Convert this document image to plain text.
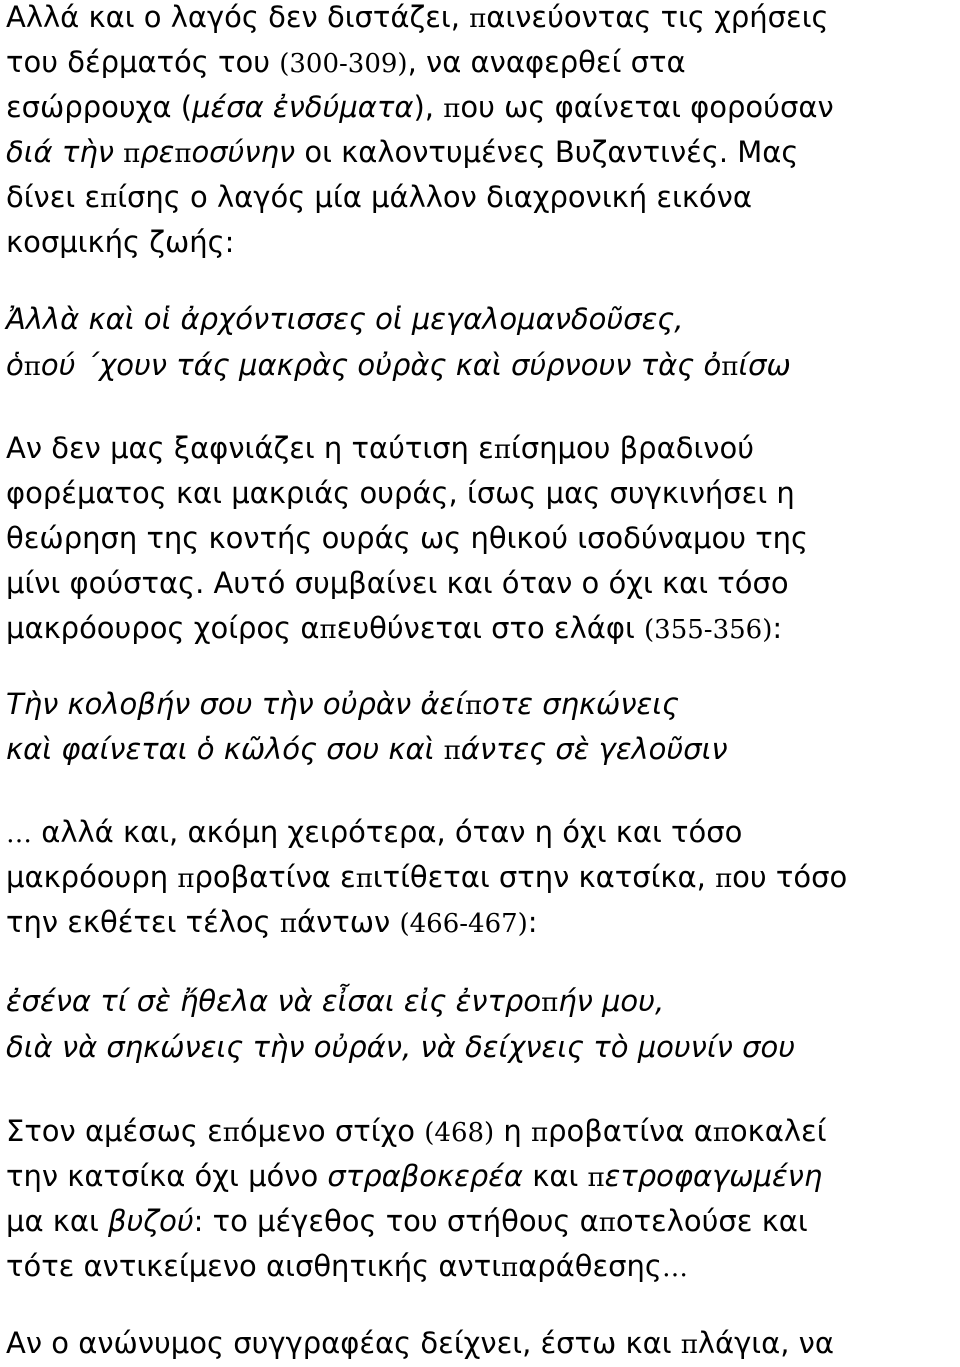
Αλλά και ο λαγός δεν διστάζει, παινεύοντας τις χρήσεις
του δέρματός του (300-309), να αναφερθεί στα
εσώρρουχα (μέσα ἐνδύματα), που ως φαίνεται φορούσαν
διά τὴν πρεποσύνην οι καλοντυμένες Βυζαντινές. Μας
δίνει επίσης ο λαγός μία μάλλον διαχρονική εικόνα
κοσμικής ζωής:
Ἀλλὰ καὶ οἱ ἀρχόντισσες οἱ μεγαλομανδοῦσες,
ὁπού ΄χουν τάς μακρὰς οὐρὰς καὶ σύρνουν τὰς ὀπίσω
Αν δεν μας ξαφνιάζει η ταύτιση επίσημου βραδινού
φορέματος και μακριάς ουράς, ίσως μας συγκινήσει η
θεώρηση της κοντής ουράς ως ηθικού ισοδύναμου της
μίνι φούστας. Αυτό συμβαίνει και όταν ο όχι και τόσο
μακρόουρος χοίρος απευθύνεται στο ελάφι (355-356):
Τὴν κολοβήν σου τὴν οὐρὰν ἀείποτε σηκώνεις
καὶ φαίνεται ὁ κῶλός σου καὶ πάντες σὲ γελοῦσιν
… αλλά και, ακόμη χειρότερα, όταν η όχι και τόσο
μακρόουρη προβατίνα επιτίθεται στην κατσίκα, που τόσο
την εκθέτει τέλος πάντων (466-467):
ἐσένα τί σὲ ἤθελα νὰ εἶσαι εἰς ἐντροπήν μου,
διὰ νὰ σηκώνεις τὴν οὐράν, νὰ δείχνεις τὸ μουνίν σου
Στον αμέσως επόμενο στίχο (468) η προβατίνα αποκαλεί
την κατσίκα όχι μόνο στραβοκερέα και πετροφαγωμένη
μα και βυζού: το μέγεθος του στήθους αποτελούσε και
τότε αντικείμενο αισθητικής αντιπαράθεσης…
Αν ο ανώνυμος συγγραφέας δείχνει, έστω και πλάγια, να
